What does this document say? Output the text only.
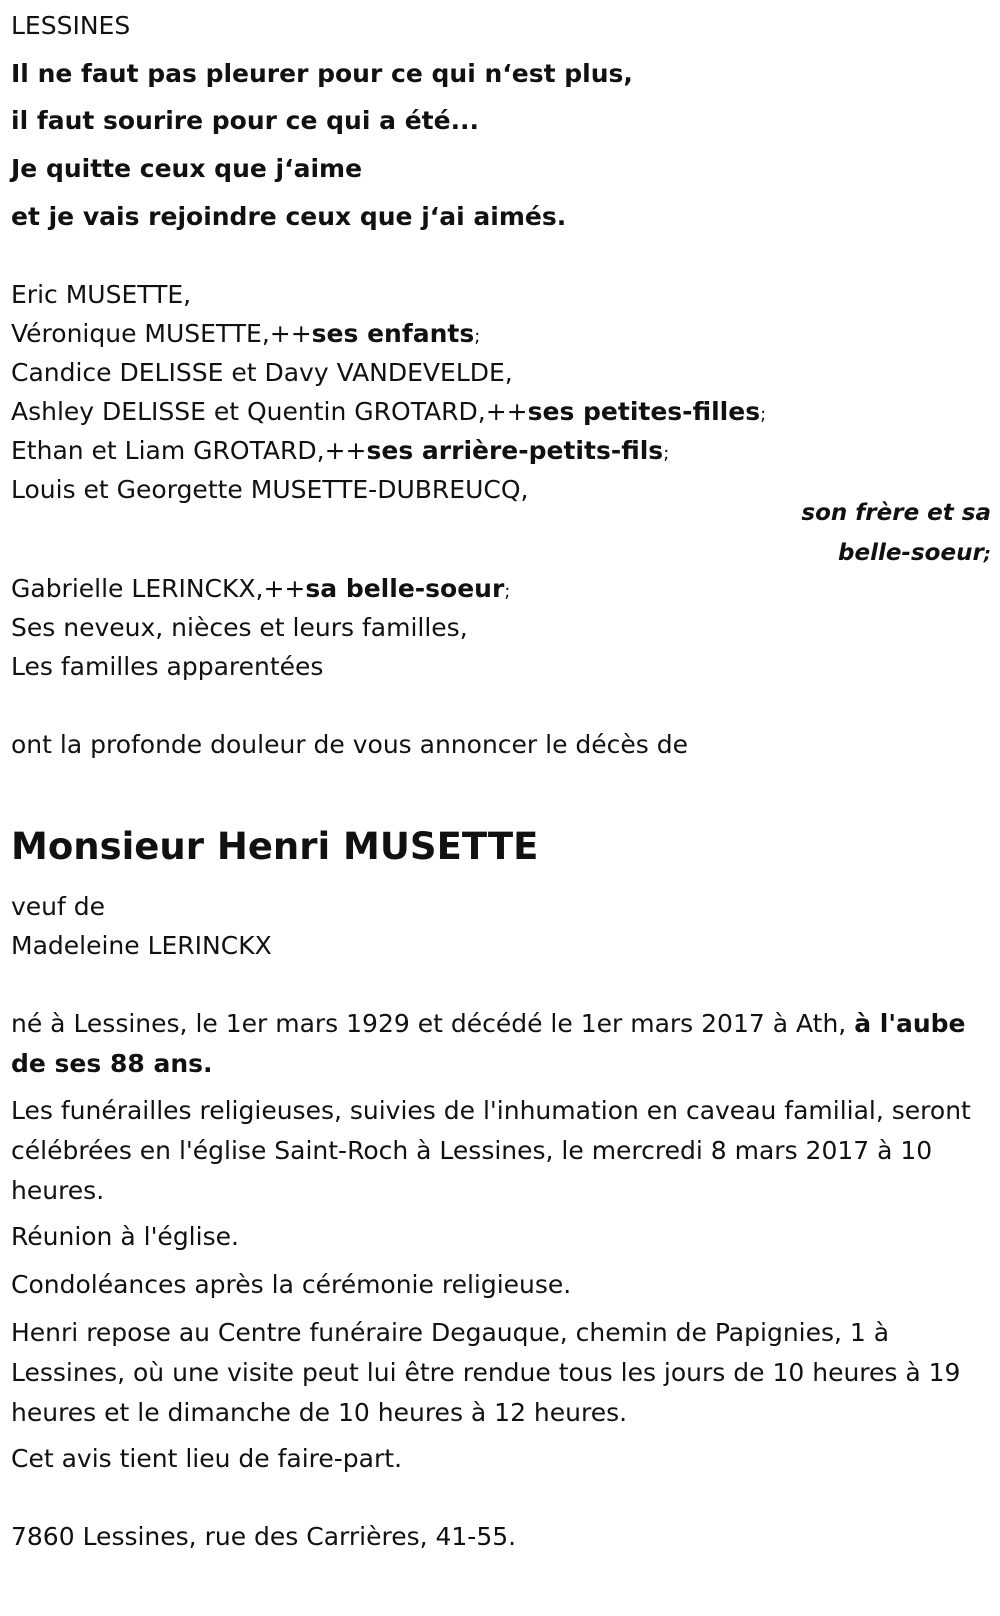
LESSINES
Il ne faut pas pleurer pour ce qui n‘est plus,
il faut sourire pour ce qui a été...
Je quitte ceux que j‘aime
et je vais rejoindre ceux que j‘ai aimés.
Eric MUSETTE,
Véronique MUSETTE,++ses enfants;
Candice DELISSE et Davy VANDEVELDE,
Ashley DELISSE et Quentin GROTARD,++ses petites-filles;
Ethan et Liam GROTARD,++ses arrière-petits-fils;
Louis et Georgette MUSETTE-DUBREUCQ,
son frère et sa belle-soeur;
Gabrielle LERINCKX,++sa belle-soeur;
Ses neveux, nièces et leurs familles,
Les familles apparentées
ont la profonde douleur de vous annoncer le décès de
Monsieur Henri MUSETTE
veuf de
Madeleine LERINCKX
né à Lessines, le 1er mars 1929 et décédé le 1er mars 2017 à Ath, à l'aube de ses 88 ans.
Les funérailles religieuses, suivies de l'inhumation en caveau familial, seront célébrées en l'église Saint-Roch à Lessines, le mercredi 8 mars 2017 à 10 heures.
Réunion à l'église.
Condoléances après la cérémonie religieuse.
Henri repose au Centre funéraire Degauque, chemin de Papignies, 1 à Lessines, où une visite peut lui être rendue tous les jours de 10 heures à 19 heures et le dimanche de 10 heures à 12 heures.
Cet avis tient lieu de faire-part.
7860 Lessines, rue des Carrières, 41-55.
